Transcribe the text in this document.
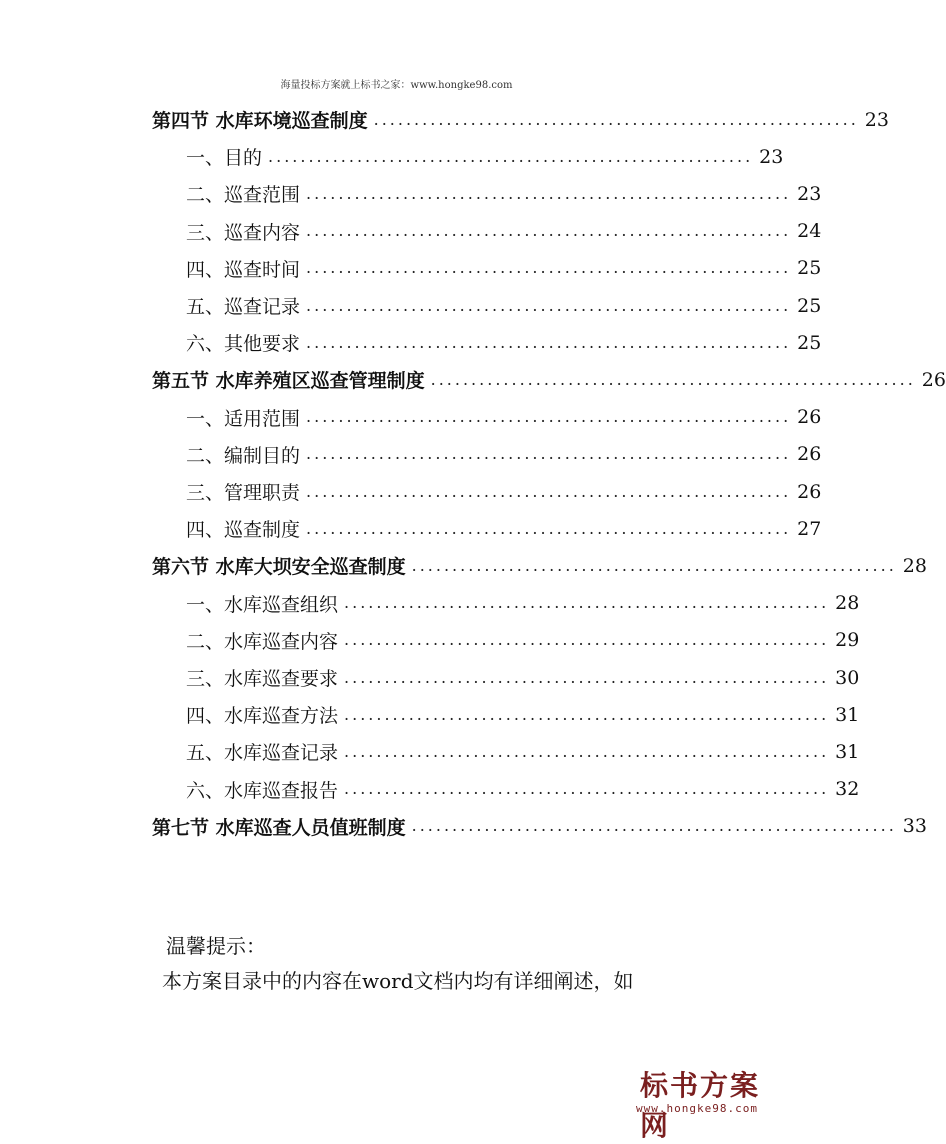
海量投标方案就上标书之家：www.hongke98.com
第四节 水库环境巡查制度 ............................................................ 23
一、目的 ............................................................ 23
二、巡查范围 ............................................................ 23
三、巡查内容 ............................................................ 24
四、巡查时间 ............................................................ 25
五、巡查记录 ............................................................ 25
六、其他要求 ............................................................ 25
第五节 水库养殖区巡查管理制度 ............................................................ 26
一、适用范围 ............................................................ 26
二、编制目的 ............................................................ 26
三、管理职责 ............................................................ 26
四、巡查制度 ............................................................ 27
第六节 水库大坝安全巡查制度 ............................................................ 28
一、水库巡查组织 ............................................................ 28
二、水库巡查内容 ............................................................ 29
三、水库巡查要求 ............................................................ 30
四、水库巡查方法 ............................................................ 31
五、水库巡查记录 ............................................................ 31
六、水库巡查报告 ............................................................ 32
第七节 水库巡查人员值班制度 ............................................................ 33
温馨提示：
本方案目录中的内容在word文档内均有详细阐述，如
标书方案网
www.hongke98.com
